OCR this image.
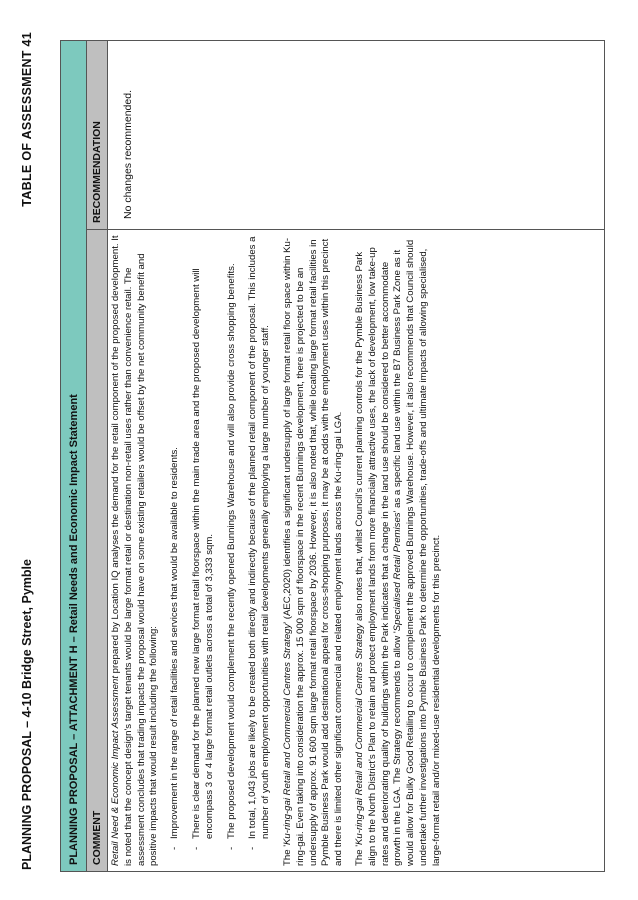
PLANNING PROPOSAL – 4-10 Bridge Street, Pymble
TABLE OF ASSESSMENT 41
PLANNING PROPOSAL – ATTACHMENT H – Retail Needs and Economic Impact Statement	COMMENT
RECOMMENDATION

Retail Need & Economic Impact Assessment prepared by Location IQ analyses the demand for the retail component of the proposed development. It is noted that the concept design's target tenants would be large format retail or destination non-retail uses rather than convenience retail. The assessment concludes that trading impacts the proposal would have on some existing retailers would be offset by the net community benefit and positive impacts that would result including the following: -
Improvement in the range of retail facilities and services that would be available to residents.
-
There is clear demand for the planned new large format retail floorspace within the main trade area and the proposed development will encompass 3 or 4 large format retail outlets across a total of 3,333 sqm.
-
The proposed development would complement the recently opened Bunnings Warehouse and will also provide cross shopping benefits.
-
In total, 1,043 jobs are likely to be created both directly and indirectly because of the planned retail component of the proposal. This includes a number of youth employment opportunities with retail developments generally employing a large number of younger staff.

The 'Ku-ring-gai Retail and Commercial Centres Strategy' (AEC,2020) identifies a significant undersupply of large format retail floor space within Ku-ring-gai. Even taking into consideration the approx. 15 000 sqm of floorspace in the recent Bunnings development, there is projected to be an undersupply of approx. 91 600 sqm large format retail floorspace by 2036. However, it is also noted that, while locating large format retail facilities in Pymble Business Park would add destinational appeal for cross-shopping purposes, it may be at odds with the employment uses within this precinct and there is limited other significant commercial and related employment lands across the Ku-ring-gai LGA. The 'Ku-ring-gai Retail and Commercial Centres Strategy also notes that, whilst Council's current planning controls for the Pymble Business Park align to the North District's Plan to retain and protect employment lands from more financially attractive uses, the lack of development, low take-up rates and deteriorating quality of buildings within the Park indicates that a change in the land use should be considered to better accommodate growth in the LGA. The Strategy recommends to allow 'Specialised Retail Premises' as a specific land use within the B7 Business Park Zone as it would allow for Bulky Good Retailing to occur to complement the approved Bunnings Warehouse. However, it also recommends that Council should undertake further investigations into Pymble Business Park to determine the opportunities, trade-offs and ultimate impacts of allowing specialised, large-format retail and/or mixed-use residential developments for this precinct.

No changes recommended.
